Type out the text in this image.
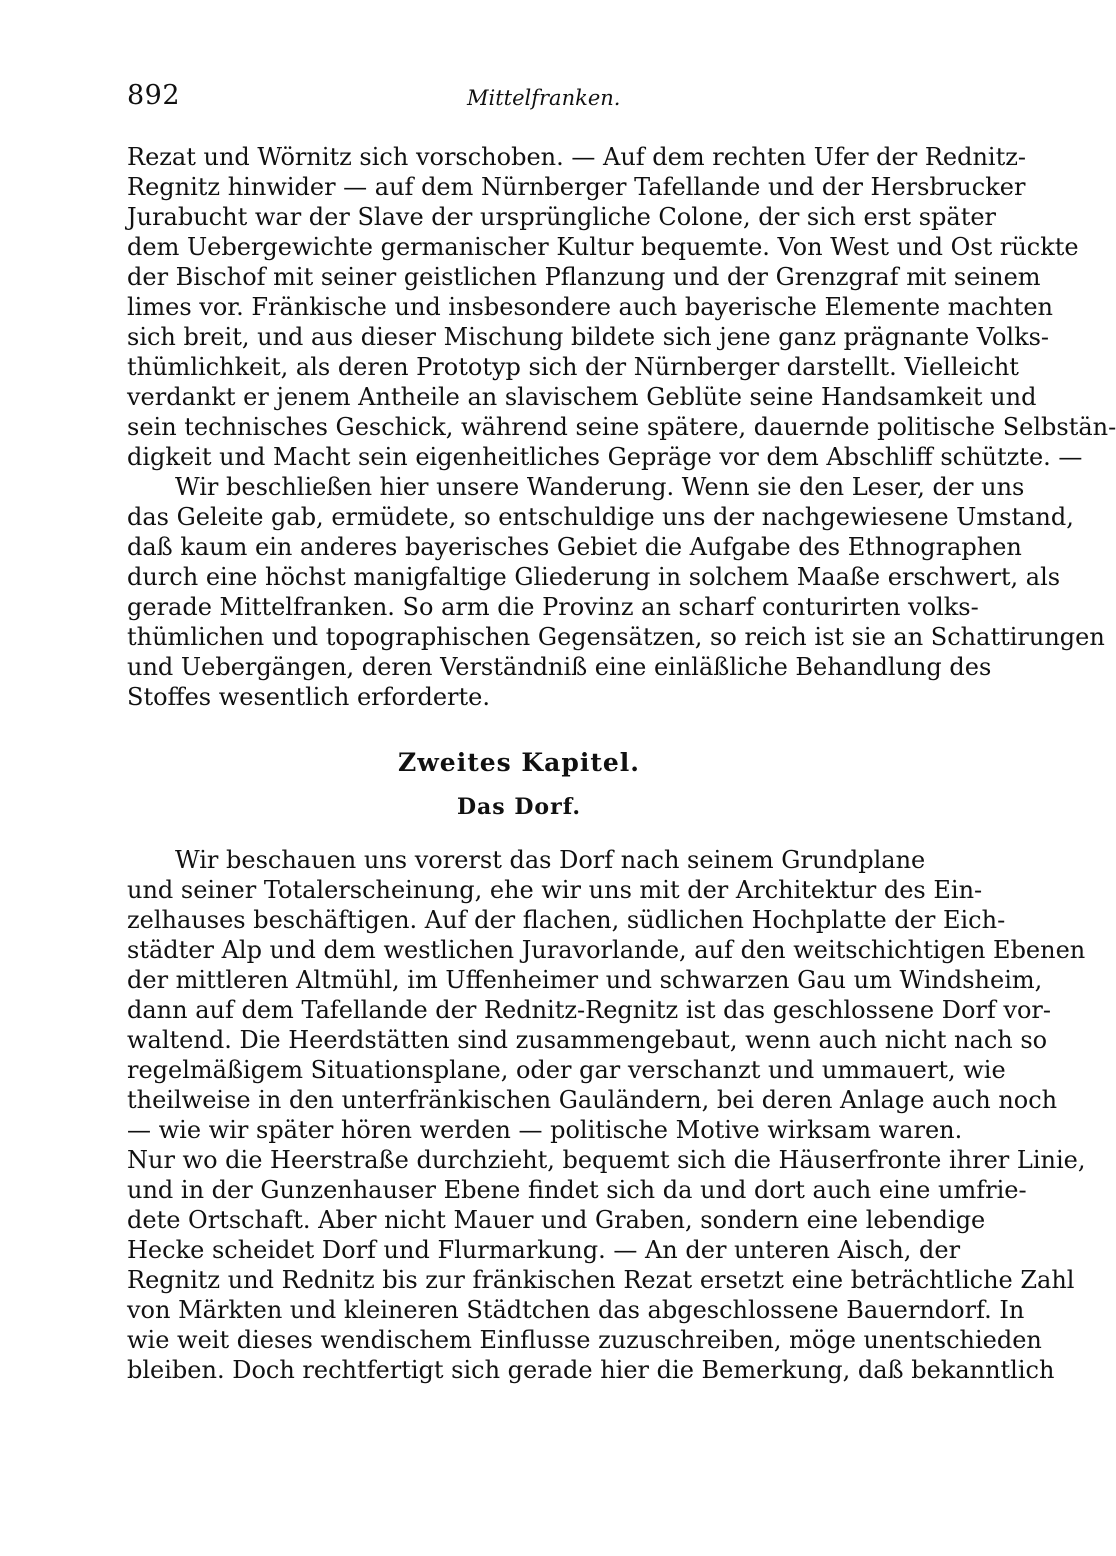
892	Mittelfranken.
Rezat und Wörnitz sich vorschoben. — Auf dem rechten Ufer der Rednitz-
Regnitz hinwider — auf dem Nürnberger Tafellande und der Hersbrucker
Jurabucht war der Slave der ursprüngliche Colone, der sich erst später
dem Uebergewichte germanischer Kultur bequemte. Von West und Ost rückte
der Bischof mit seiner geistlichen Pflanzung und der Grenzgraf mit seinem
limes vor. Fränkische und insbesondere auch bayerische Elemente machten
sich breit, und aus dieser Mischung bildete sich jene ganz prägnante Volks-
thümlichkeit, als deren Prototyp sich der Nürnberger darstellt. Vielleicht
verdankt er jenem Antheile an slavischem Geblüte seine Handsamkeit und
sein technisches Geschick, während seine spätere, dauernde politische Selbstän-
digkeit und Macht sein eigenheitliches Gepräge vor dem Abschliff schützte. —
Wir beschließen hier unsere Wanderung. Wenn sie den Leser, der uns
das Geleite gab, ermüdete, so entschuldige uns der nachgewiesene Umstand,
daß kaum ein anderes bayerisches Gebiet die Aufgabe des Ethnographen
durch eine höchst manigfaltige Gliederung in solchem Maaße erschwert, als
gerade Mittelfranken. So arm die Provinz an scharf conturirten volks-
thümlichen und topographischen Gegensätzen, so reich ist sie an Schattirungen
und Uebergängen, deren Verständniß eine einläßliche Behandlung des
Stoffes wesentlich erforderte.
Zweites Kapitel.
Das Dorf.
Wir beschauen uns vorerst das Dorf nach seinem Grundplane
und seiner Totalerscheinung, ehe wir uns mit der Architektur des Ein-
zelhauses beschäftigen. Auf der flachen, südlichen Hochplatte der Eich-
städter Alp und dem westlichen Juravorlande, auf den weitschichtigen Ebenen
der mittleren Altmühl, im Uffenheimer und schwarzen Gau um Windsheim,
dann auf dem Tafellande der Rednitz-Regnitz ist das geschlossene Dorf vor-
waltend. Die Heerdstätten sind zusammengebaut, wenn auch nicht nach so
regelmäßigem Situationsplane, oder gar verschanzt und ummauert, wie
theilweise in den unterfränkischen Gauländern, bei deren Anlage auch noch
— wie wir später hören werden — politische Motive wirksam waren.
Nur wo die Heerstraße durchzieht, bequemt sich die Häuserfronte ihrer Linie,
und in der Gunzenhauser Ebene findet sich da und dort auch eine umfrie-
dete Ortschaft. Aber nicht Mauer und Graben, sondern eine lebendige
Hecke scheidet Dorf und Flurmarkung. — An der unteren Aisch, der
Regnitz und Rednitz bis zur fränkischen Rezat ersetzt eine beträchtliche Zahl
von Märkten und kleineren Städtchen das abgeschlossene Bauerndorf. In
wie weit dieses wendischem Einflusse zuzuschreiben, möge unentschieden
bleiben. Doch rechtfertigt sich gerade hier die Bemerkung, daß bekanntlich
